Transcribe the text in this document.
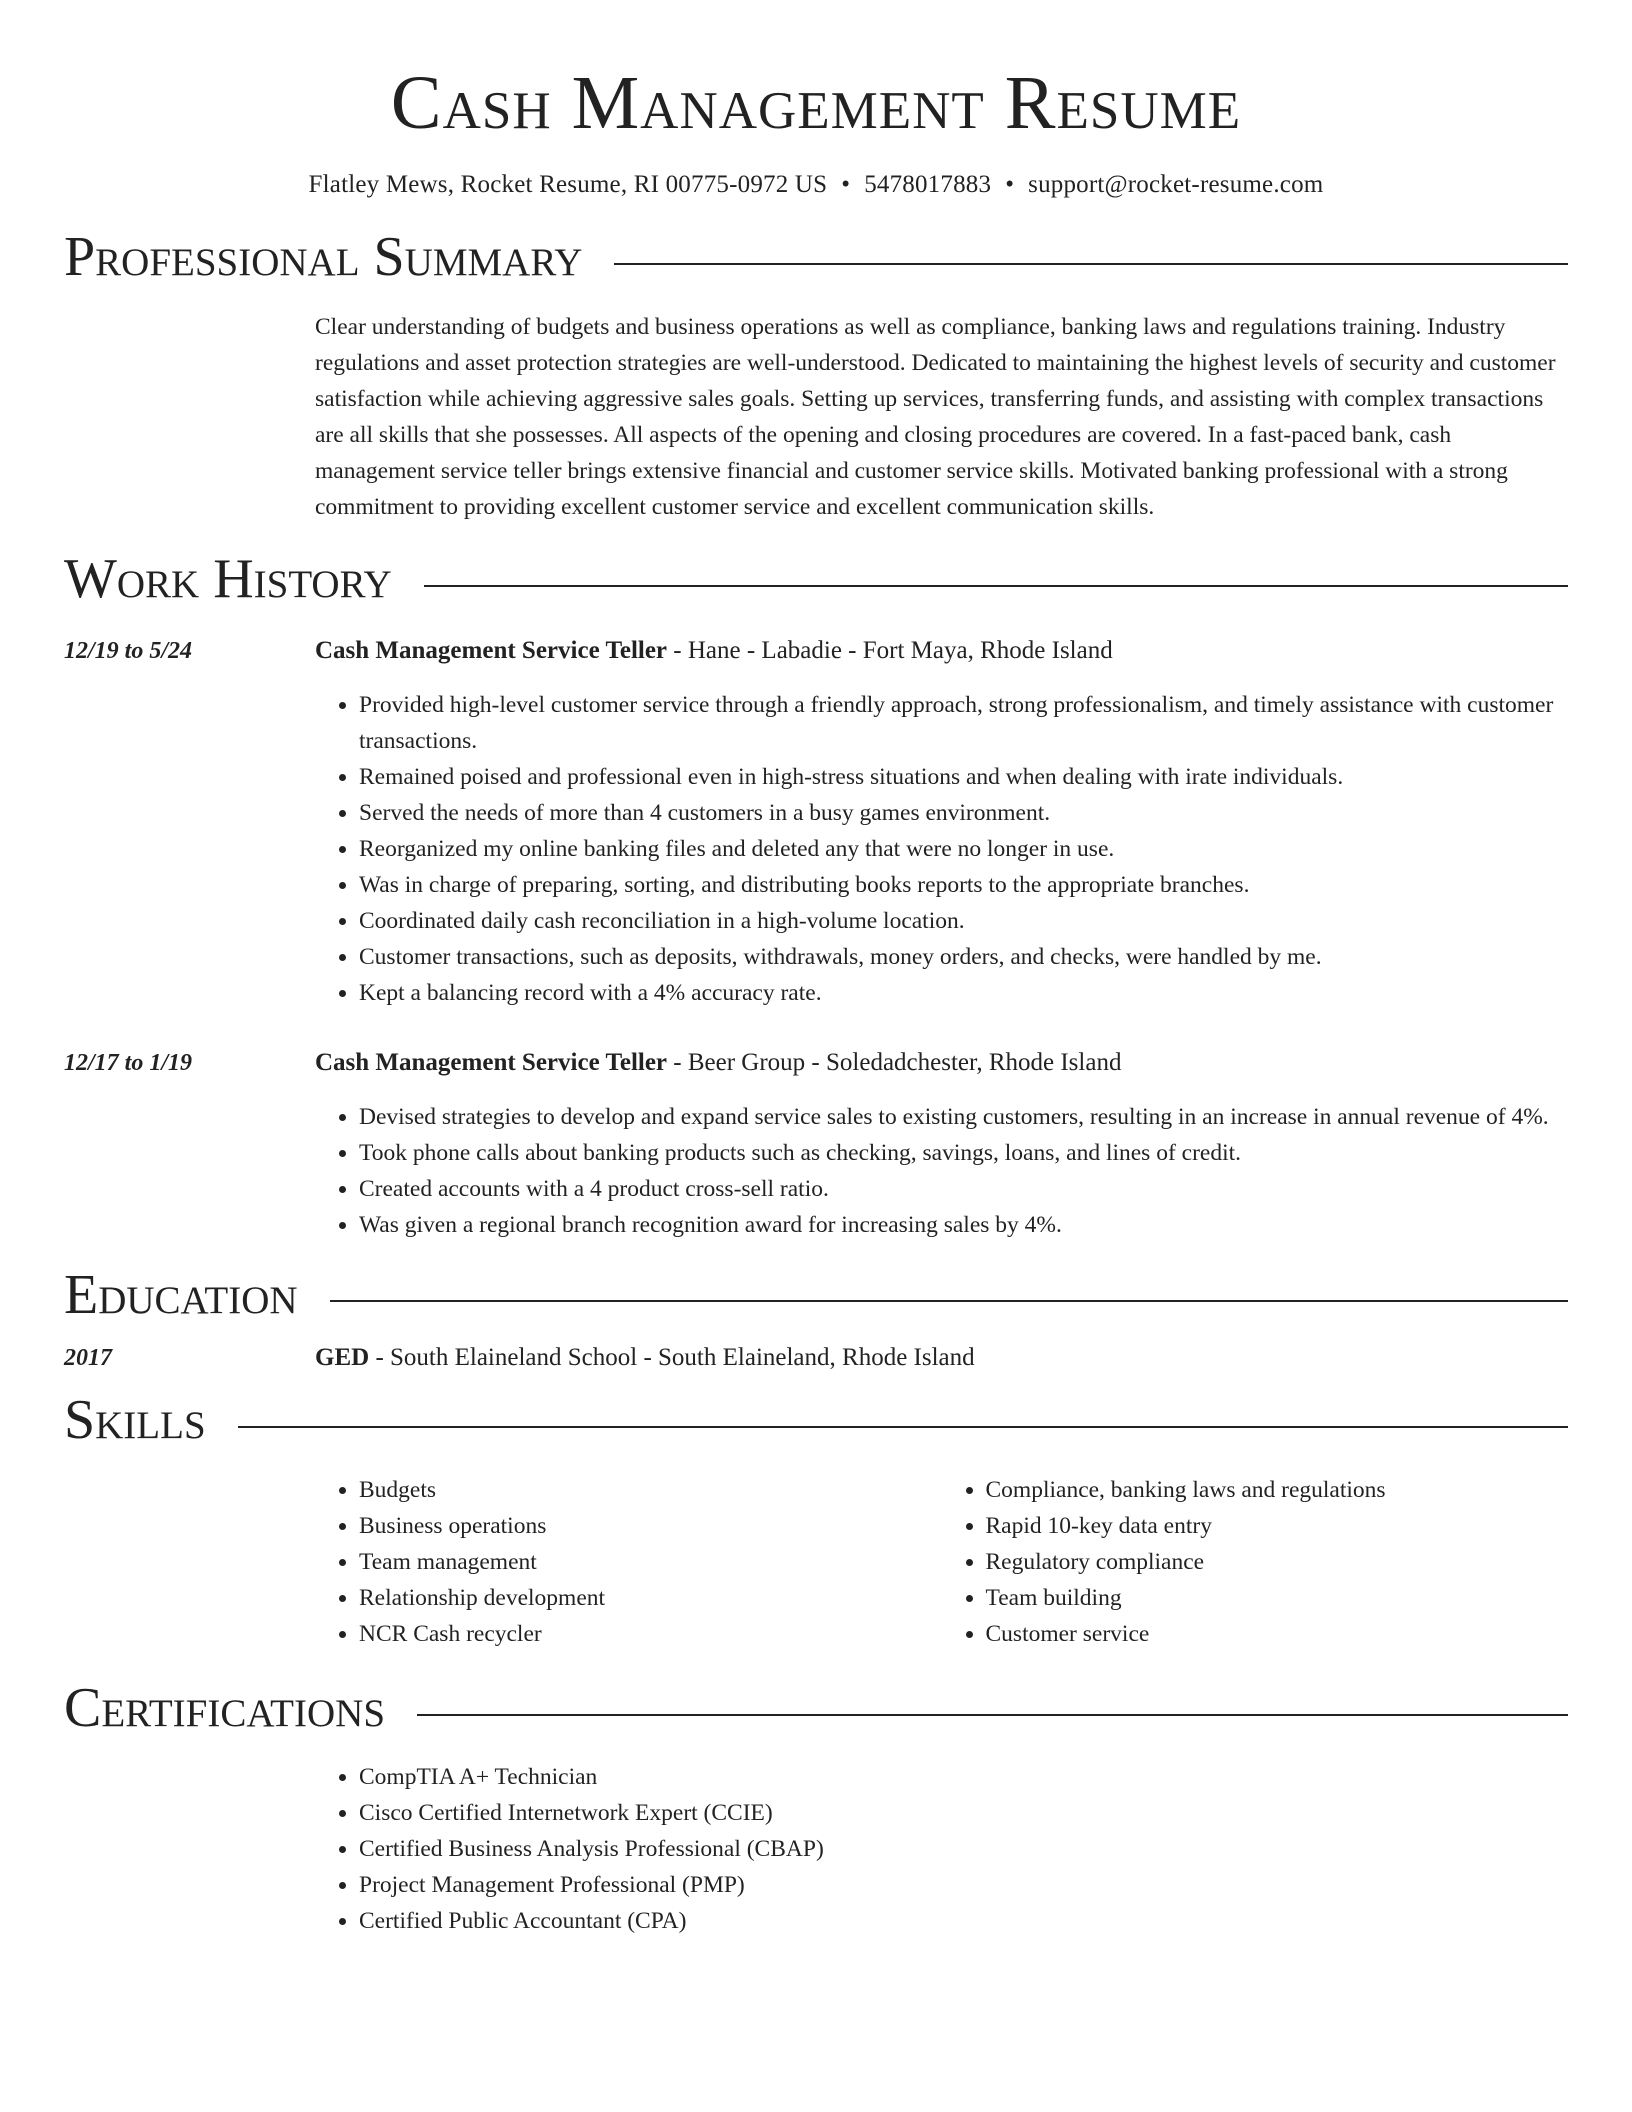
Cash Management Resume
Flatley Mews, Rocket Resume, RI 00775-0972 US • 5478017883 • support@rocket-resume.com
Professional Summary
Clear understanding of budgets and business operations as well as compliance, banking laws and regulations training. Industry regulations and asset protection strategies are well-understood. Dedicated to maintaining the highest levels of security and customer satisfaction while achieving aggressive sales goals. Setting up services, transferring funds, and assisting with complex transactions are all skills that she possesses. All aspects of the opening and closing procedures are covered. In a fast-paced bank, cash management service teller brings extensive financial and customer service skills. Motivated banking professional with a strong commitment to providing excellent customer service and excellent communication skills.
Work History
12/19 to 5/24	Cash Management Service Teller - Hane - Labadie - Fort Maya, Rhode Island
• Provided high-level customer service through a friendly approach, strong professionalism, and timely assistance with customer transactions.
• Remained poised and professional even in high-stress situations and when dealing with irate individuals.
• Served the needs of more than 4 customers in a busy games environment.
• Reorganized my online banking files and deleted any that were no longer in use.
• Was in charge of preparing, sorting, and distributing books reports to the appropriate branches.
• Coordinated daily cash reconciliation in a high-volume location.
• Customer transactions, such as deposits, withdrawals, money orders, and checks, were handled by me.
• Kept a balancing record with a 4% accuracy rate.
12/17 to 1/19	Cash Management Service Teller - Beer Group - Soledadchester, Rhode Island
• Devised strategies to develop and expand service sales to existing customers, resulting in an increase in annual revenue of 4%.
• Took phone calls about banking products such as checking, savings, loans, and lines of credit.
• Created accounts with a 4 product cross-sell ratio.
• Was given a regional branch recognition award for increasing sales by 4%.
Education
2017	GED - South Elaineland School - South Elaineland, Rhode Island
Skills
• Budgets
• Business operations
• Team management
• Relationship development
• NCR Cash recycler
• Compliance, banking laws and regulations
• Rapid 10-key data entry
• Regulatory compliance
• Team building
• Customer service
Certifications
• CompTIA A+ Technician
• Cisco Certified Internetwork Expert (CCIE)
• Certified Business Analysis Professional (CBAP)
• Project Management Professional (PMP)
• Certified Public Accountant (CPA)
